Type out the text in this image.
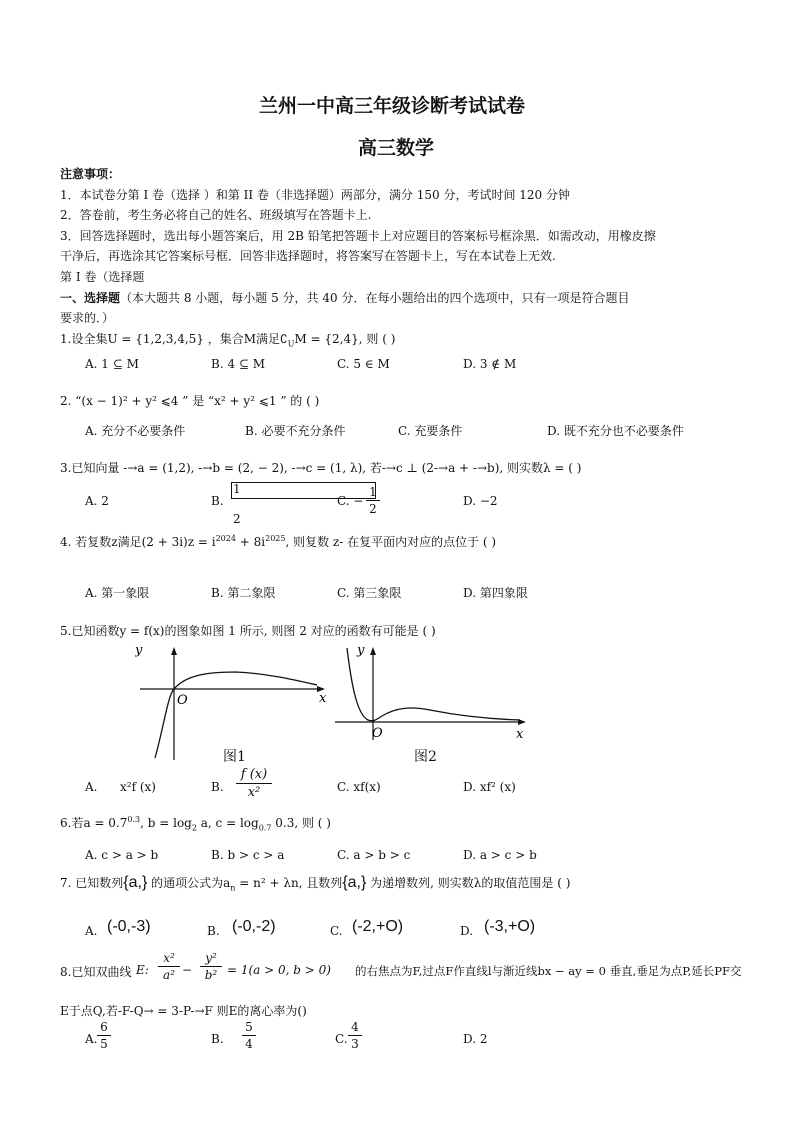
兰州一中高三年级诊断考试试卷
高三数学
注意事项：
1．本试卷分第 I 卷（选择 ）和第 II 卷（非选择题）两部分，满分 150 分，考试时间 120 分钟
2．答卷前，考生务必将自己的姓名、班级填写在答题卡上.
3．回答选择题时，选出每小题答案后，用 2B 铅笔把答题卡上对应题目的答案标号框涂黑．如需改动，用橡皮擦
干净后，再选涂其它答案标号框．回答非选择题时，将答案写在答题卡上，写在本试卷上无效.
第 I 卷（选择题
一、选择题（本大题共 8 小题，每小题 5 分，共 40 分．在每小题给出的四个选项中，只有一项是符合题目
要求的．）
1.设全集U = {1,2,3,4,5} ，集合M满足$∁_UM = \{2,4\}$, 则 ( )
A. 1 ⊆ M	B. 4 ⊆ M	C. 5 ∈ M	D. 3 ∉ M
2. “(x − 1)² + y² ⩽4 ” 是 “x² + y² ⩽1 ” 的 ( )
A. 充分不必要条件	B. 必要不充分条件	C. 充要条件	D. 既不充分也不必要条件
3.已知向量 -→a = (1,2), -→b = (2, − 2), -→c = (1, λ), 若-→c ⊥ (2-→a + -→b), 则实数λ = ( )
A. 2	B.
1
2
C. −
1
2
D. −2
4. 若复数z满足$(2 + 3i)z = i^{2024} + 8i^{2025}$, 则复数 z- 在复平面内对应的点位于 ( )
A. 第一象限	B. 第二象限	C. 第三象限	D. 第四象限
5.已知函数y = f(x)的图象如图 1 所示, 则图 2 对应的函数有可能是 ( )
y
x
O
图1
y
x
O
图2
A. x²f (x)	B.
f (x)
x²	C. xf(x)	D. xf² (x)
6.若$a = 0.7^{0.3}$, $b = \log_2 a$, $c = \log_{0.7} 0.3$, 则 ( )
A. c > a > b	B. b > c > a	C. a > b > c	D. a > c > b
7. 已知数列{a,} 的通项公式为$a_n = n^2 + \lambda n$, 且数列{a,} 为递增数列, 则实数λ的取值范围是 ( )
A. (-0,-3)	B. (-0,-2)	C. (-2,+O)	D. (-3,+O)
8.已知双曲线 E:
x²
a² −
y²
b² = 1(a > 0, b > 0) 的右焦点为F,过点F作直线l与渐近线bx − ay = 0 垂直,垂足为点P,延长PF交
E于点Q,若-F-Q→ = 3-P-→F 则E的离心率为()
A.
6
5	B.
5
4	C.
4
3	D. 2
